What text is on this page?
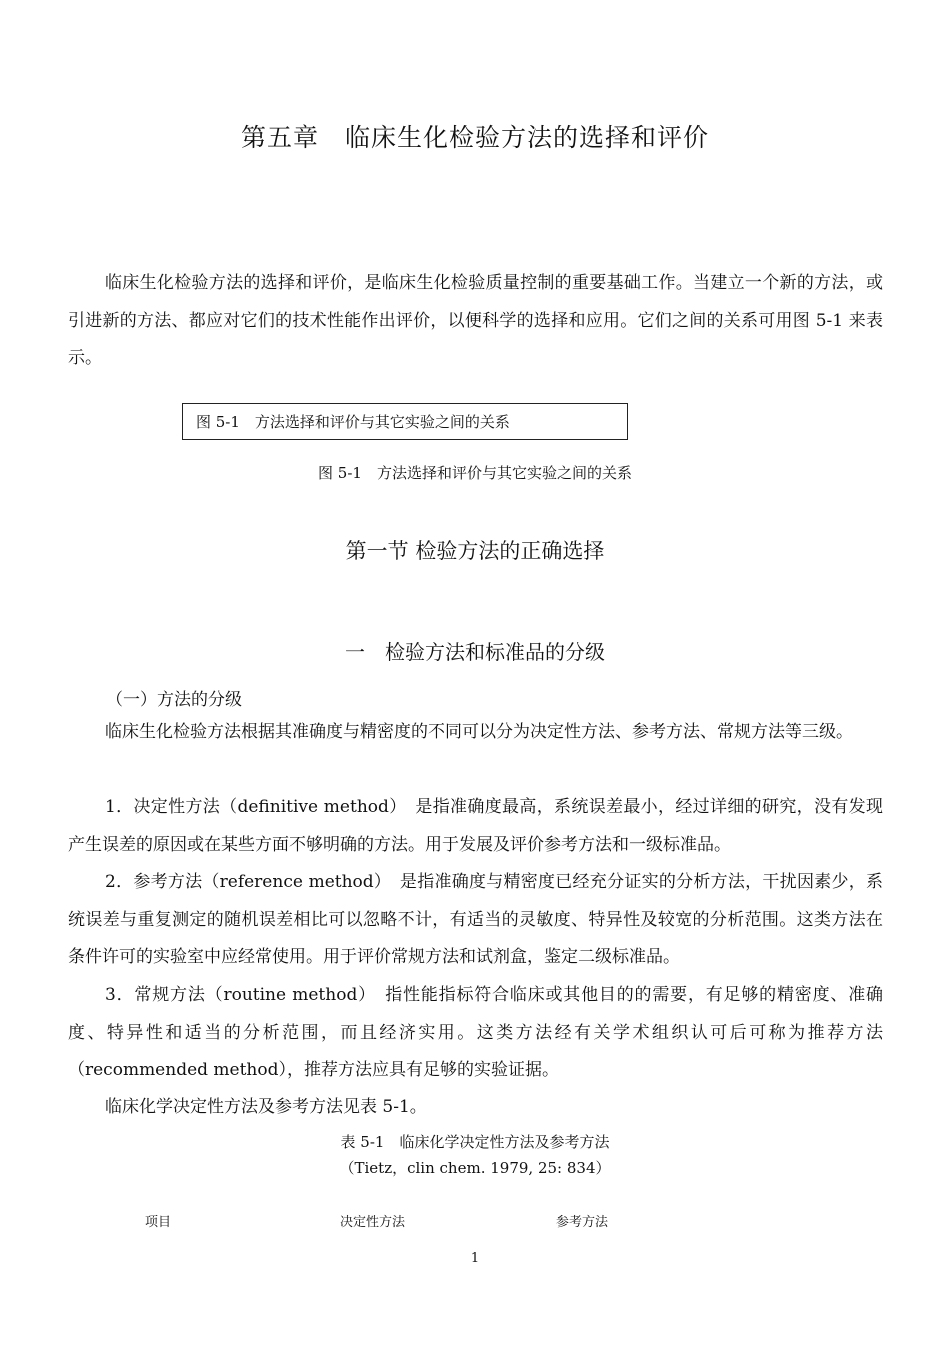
第五章　临床生化检验方法的选择和评价
临床生化检验方法的选择和评价，是临床生化检验质量控制的重要基础工作。当建立一个新的方法，或引进新的方法、都应对它们的技术性能作出评价，以便科学的选择和应用。它们之间的关系可用图 5-1 来表示。
图 5-1　方法选择和评价与其它实验之间的关系
图 5-1　方法选择和评价与其它实验之间的关系
第一节 检验方法的正确选择
一　检验方法和标准品的分级
（一）方法的分级
临床生化检验方法根据其准确度与精密度的不同可以分为决定性方法、参考方法、常规方法等三级。
1．决定性方法（definitive method）　是指准确度最高，系统误差最小，经过详细的研究，没有发现产生误差的原因或在某些方面不够明确的方法。用于发展及评价参考方法和一级标准品。
2．参考方法（reference method）　是指准确度与精密度已经充分证实的分析方法，干扰因素少，系统误差与重复测定的随机误差相比可以忽略不计，有适当的灵敏度、特异性及较宽的分析范围。这类方法在条件许可的实验室中应经常使用。用于评价常规方法和试剂盒，鉴定二级标准品。
3．常规方法（routine method）　指性能指标符合临床或其他目的的需要，有足够的精密度、准确度、特异性和适当的分析范围，而且经济实用。这类方法经有关学术组织认可后可称为推荐方法（recommended method），推荐方法应具有足够的实验证据。
临床化学决定性方法及参考方法见表 5-1。
表 5-1　临床化学决定性方法及参考方法
（Tietz，clin chem. 1979, 25: 834）
项目	决定性方法	参考方法
1
